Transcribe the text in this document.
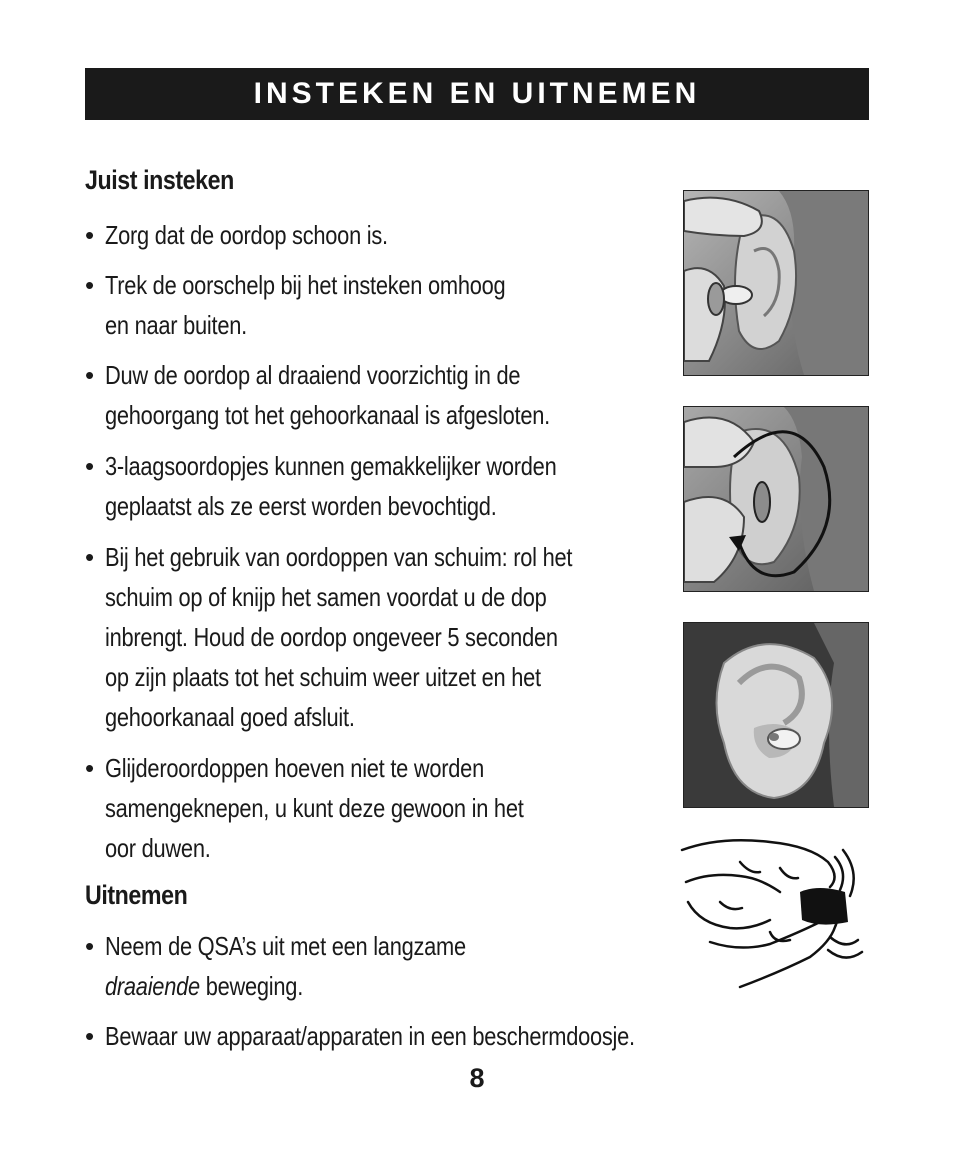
INSTEKEN EN UITNEMEN
Juist insteken
• Zorg dat de oordop schoon is.
• Trek de oorschelp bij het insteken omhoog
en naar buiten.
• Duw de oordop al draaiend voorzichtig in de
gehoorgang tot het gehoorkanaal is afgesloten.
• 3-laagsoordopjes kunnen gemakkelijker worden
geplaatst als ze eerst worden bevochtigd.
• Bij het gebruik van oordoppen van schuim: rol het
schuim op of knijp het samen voordat u de dop
inbrengt. Houd de oordop ongeveer 5 seconden
op zijn plaats tot het schuim weer uitzet en het
gehoorkanaal goed afsluit.
• Glijderoordoppen hoeven niet te worden
samengeknepen, u kunt deze gewoon in het
oor duwen.
Uitnemen
• Neem de QSA’s uit met een langzame
draaiende beweging.
• Bewaar uw apparaat/apparaten in een beschermdoosje.
8
